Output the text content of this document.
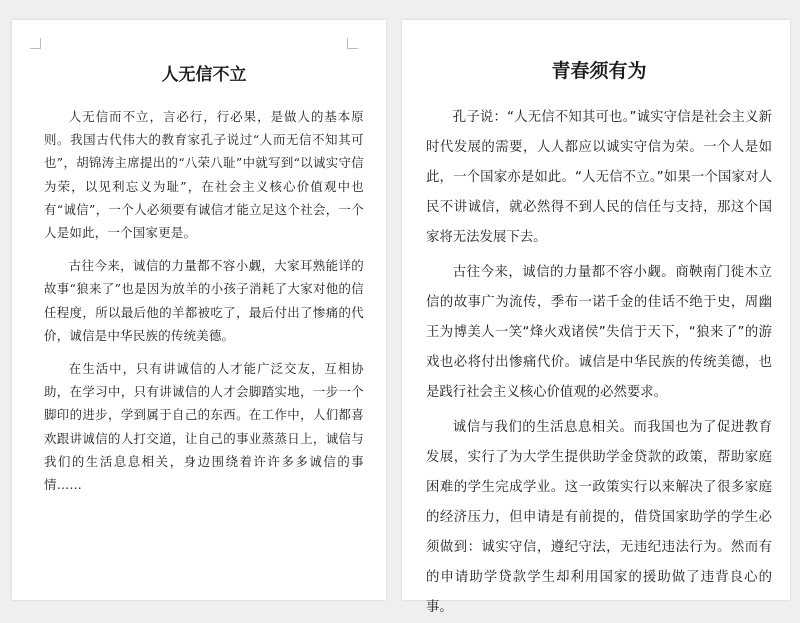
人无信不立

人无信而不立，言必行，行必果，是做人的基本原则。我国古代伟大的教育家孔子说过“人而无信不知其可也”，胡锦涛主席提出的“八荣八耻”中就写到“以诚实守信为荣，以见利忘义为耻”，在社会主义核心价值观中也有“诚信”，一个人必须要有诚信才能立足这个社会，一个人是如此，一个国家更是。

古往今来，诚信的力量都不容小觑，大家耳熟能详的故事“狼来了”也是因为放羊的小孩子消耗了大家对他的信任程度，所以最后他的羊都被吃了，最后付出了惨痛的代价，诚信是中华民族的传统美德。

在生活中，只有讲诚信的人才能广泛交友，互相协助，在学习中，只有讲诚信的人才会脚踏实地，一步一个脚印的进步，学到属于自己的东西。在工作中，人们都喜欢跟讲诚信的人打交道，让自己的事业蒸蒸日上，诚信与我们的生活息息相关，身边围绕着许许多多诚信的事情……

青春须有为

孔子说：“人无信不知其可也。”诚实守信是社会主义新时代发展的需要，人人都应以诚实守信为荣。一个人是如此，一个国家亦是如此。“人无信不立。”如果一个国家对人民不讲诚信，就必然得不到人民的信任与支持，那这个国家将无法发展下去。

古往今来，诚信的力量都不容小觑。商鞅南门徙木立信的故事广为流传，季布一诺千金的佳话不绝于史，周幽王为博美人一笑“烽火戏诸侯”失信于天下，“狼来了”的游戏也必将付出惨痛代价。诚信是中华民族的传统美德，也是践行社会主义核心价值观的必然要求。

诚信与我们的生活息息相关。而我国也为了促进教育发展，实行了为大学生提供助学金贷款的政策，帮助家庭困难的学生完成学业。这一政策实行以来解决了很多家庭的经济压力，但申请是有前提的，借贷国家助学的学生必须做到：诚实守信，遵纪守法，无违纪违法行为。然而有的申请助学贷款学生却利用国家的援助做了违背良心的事。
